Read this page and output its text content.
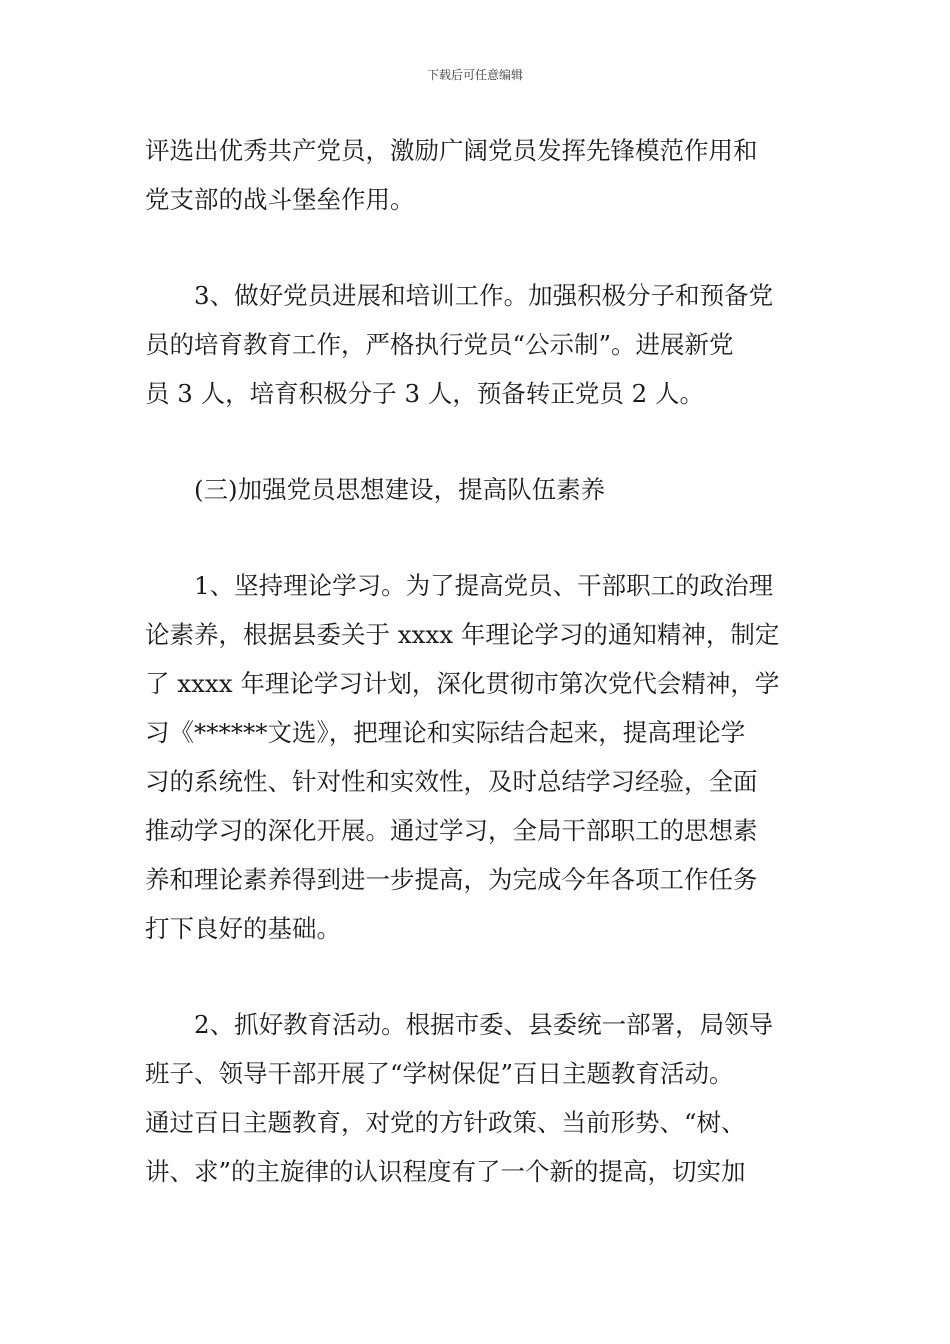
下载后可任意编辑

评选出优秀共产党员，激励广阔党员发挥先锋模范作用和
党支部的战斗堡垒作用。

3、做好党员进展和培训工作。加强积极分子和预备党
员的培育教育工作，严格执行党员“公示制”。进展新党
员 3 人，培育积极分子 3 人，预备转正党员 2 人。

(三)加强党员思想建设，提高队伍素养

1、坚持理论学习。为了提高党员、干部职工的政治理
论素养，根据县委关于 xxxx 年理论学习的通知精神，制定
了 xxxx 年理论学习计划，深化贯彻市第次党代会精神，学
习《******文选》，把理论和实际结合起来，提高理论学
习的系统性、针对性和实效性，及时总结学习经验，全面
推动学习的深化开展。通过学习，全局干部职工的思想素
养和理论素养得到进一步提高，为完成今年各项工作任务
打下良好的基础。

2、抓好教育活动。根据市委、县委统一部署，局领导
班子、领导干部开展了“学树保促”百日主题教育活动。
通过百日主题教育，对党的方针政策、当前形势、“树、
讲、求”的主旋律的认识程度有了一个新的提高，切实加
